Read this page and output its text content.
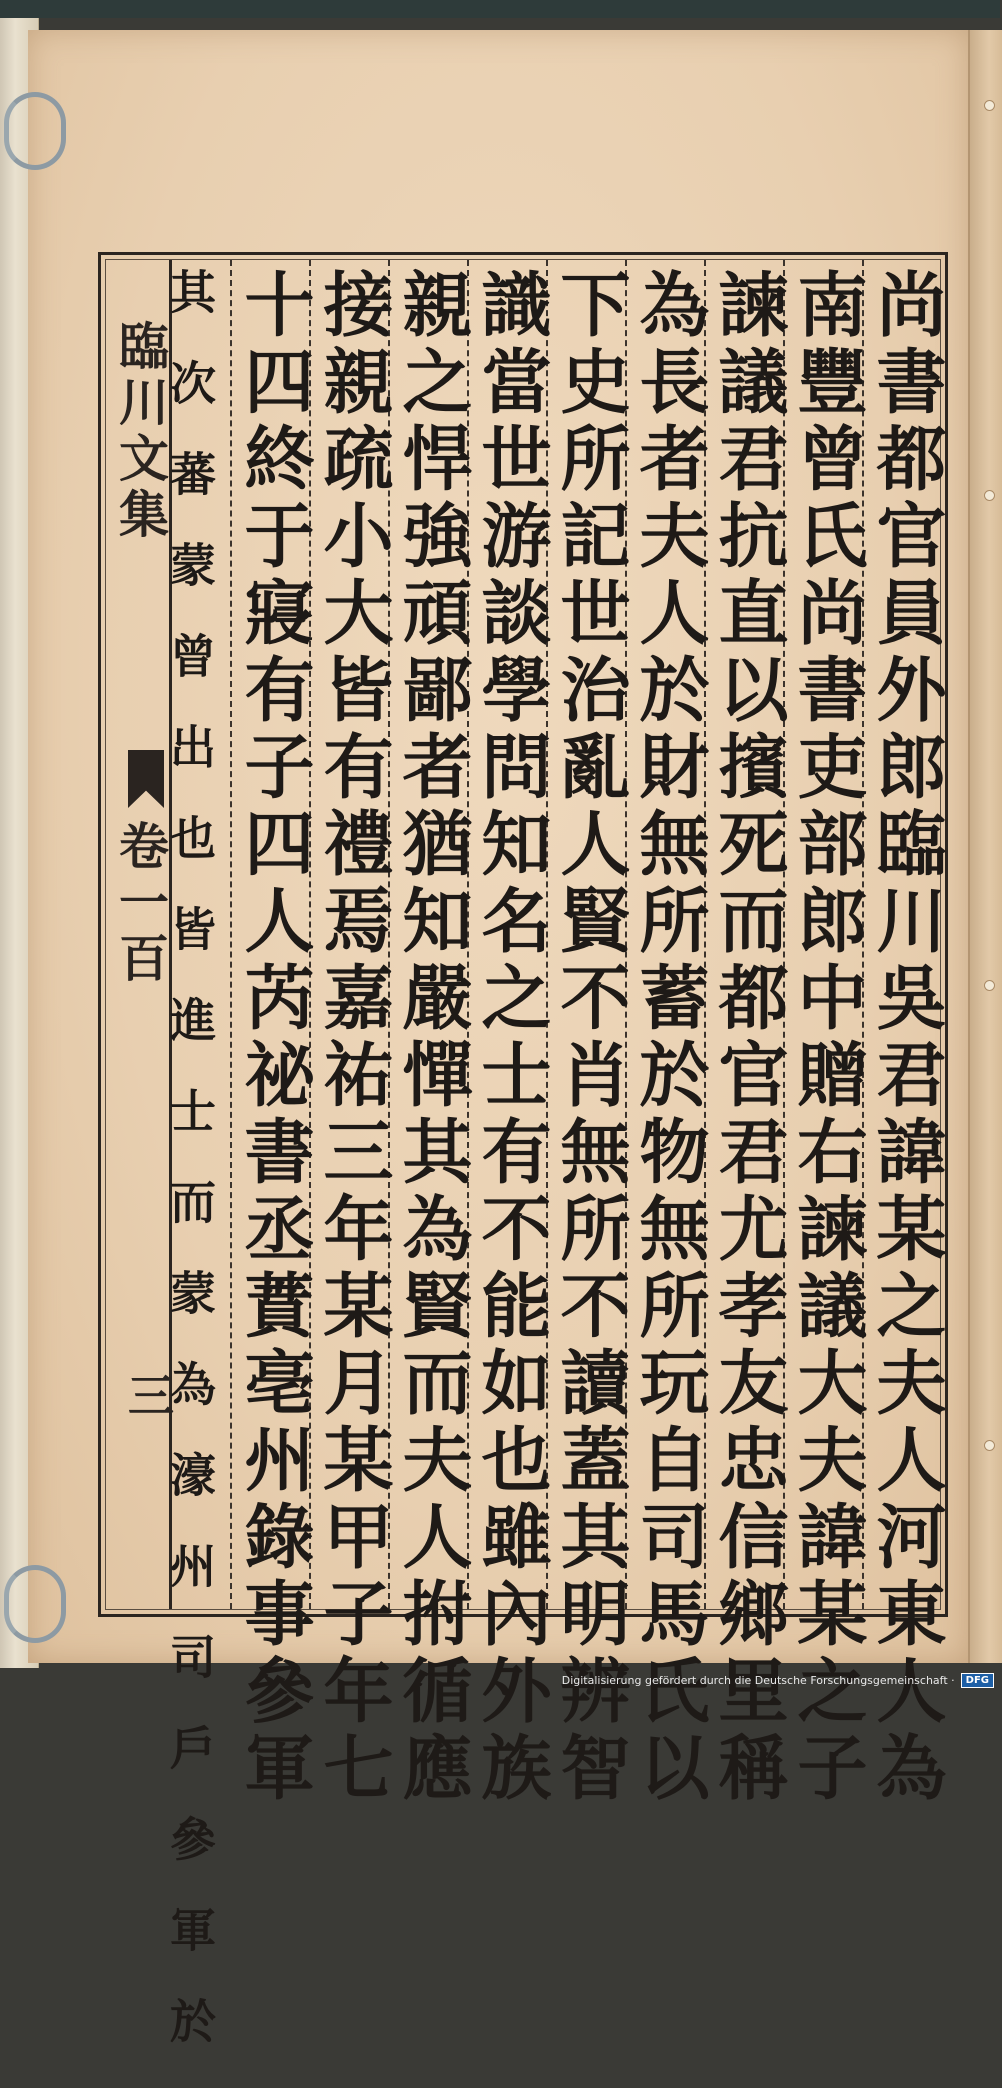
臨川文集
卷一百
三	尚書都官員外郎臨川吳君諱某之夫人河東人為
南豐曾氏尚書吏部郎中贈右諫議大夫諱某之子
諫議君抗直以擯死而都官君尤孝友忠信鄉里稱
為長者夫人於財無所蓄於物無所玩自司馬氏以
下史所記世治亂人賢不肖無所不讀蓋其明辨智
識當世游談學問知名之士有不能如也雖內外族
親之悍強頑鄙者猶知嚴憚其為賢而夫人拊循應
接親疏小大皆有禮焉嘉祐三年某月某甲子年七
十四終于寢有子四人芮祕書丞蕡亳州錄事參軍
其次蕃蒙曾出也皆進士而蒙為濠州司戶參軍於	Digitalisierung gefördert durch die Deutsche Forschungsgemeinschaft ·	DFG
